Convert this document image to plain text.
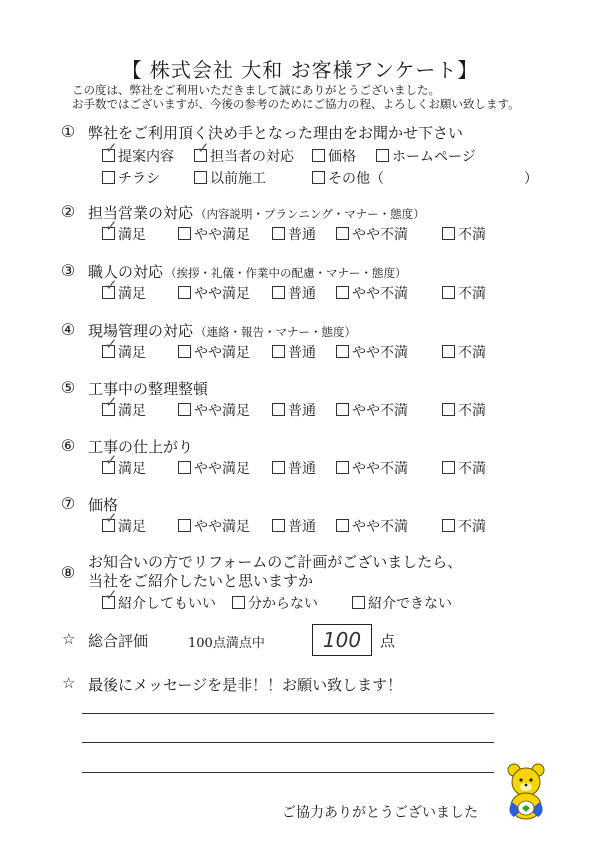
【 株式会社 大和 お客様アンケート】
この度は、弊社をご利用いただきまして誠にありがとうございました。
お手数ではございますが、今後の参考のためにご協力の程、よろしくお願い致します。
① 弊社をご利用頂く決め手となった理由をお聞かせ下さい
✓ 提案内容 ✓ 担当者の対応	価格	ホームページ
チラシ	以前施工	その他（　　　　　　　　　　）
② 担当営業の対応 （内容説明・プランニング・マナー・態度）
✓ 満足	やや満足	普通	やや不満	不満
③ 職人の対応 （挨拶・礼儀・作業中の配慮・マナー・態度）
✓ 満足	やや満足	普通	やや不満	不満
④ 現場管理の対応 （連絡・報告・マナー・態度）
✓ 満足	やや満足	普通	やや不満	不満
⑤ 工事中の整理整頓
✓ 満足	やや満足	普通	やや不満	不満
⑥ 工事の仕上がり
✓ 満足	やや満足	普通	やや不満	不満
⑦ 価格
✓ 満足	やや満足	普通	やや不満	不満
⑧
お知合いの方でリフォームのご計画がございましたら、
当社をご紹介したいと思いますか
✓ 紹介してもいい	分からない	紹介できない
☆ 総合評価	100点満点中	100	点
☆ 最後にメッセージを是非！！お願い致します！
ご協力ありがとうございました
